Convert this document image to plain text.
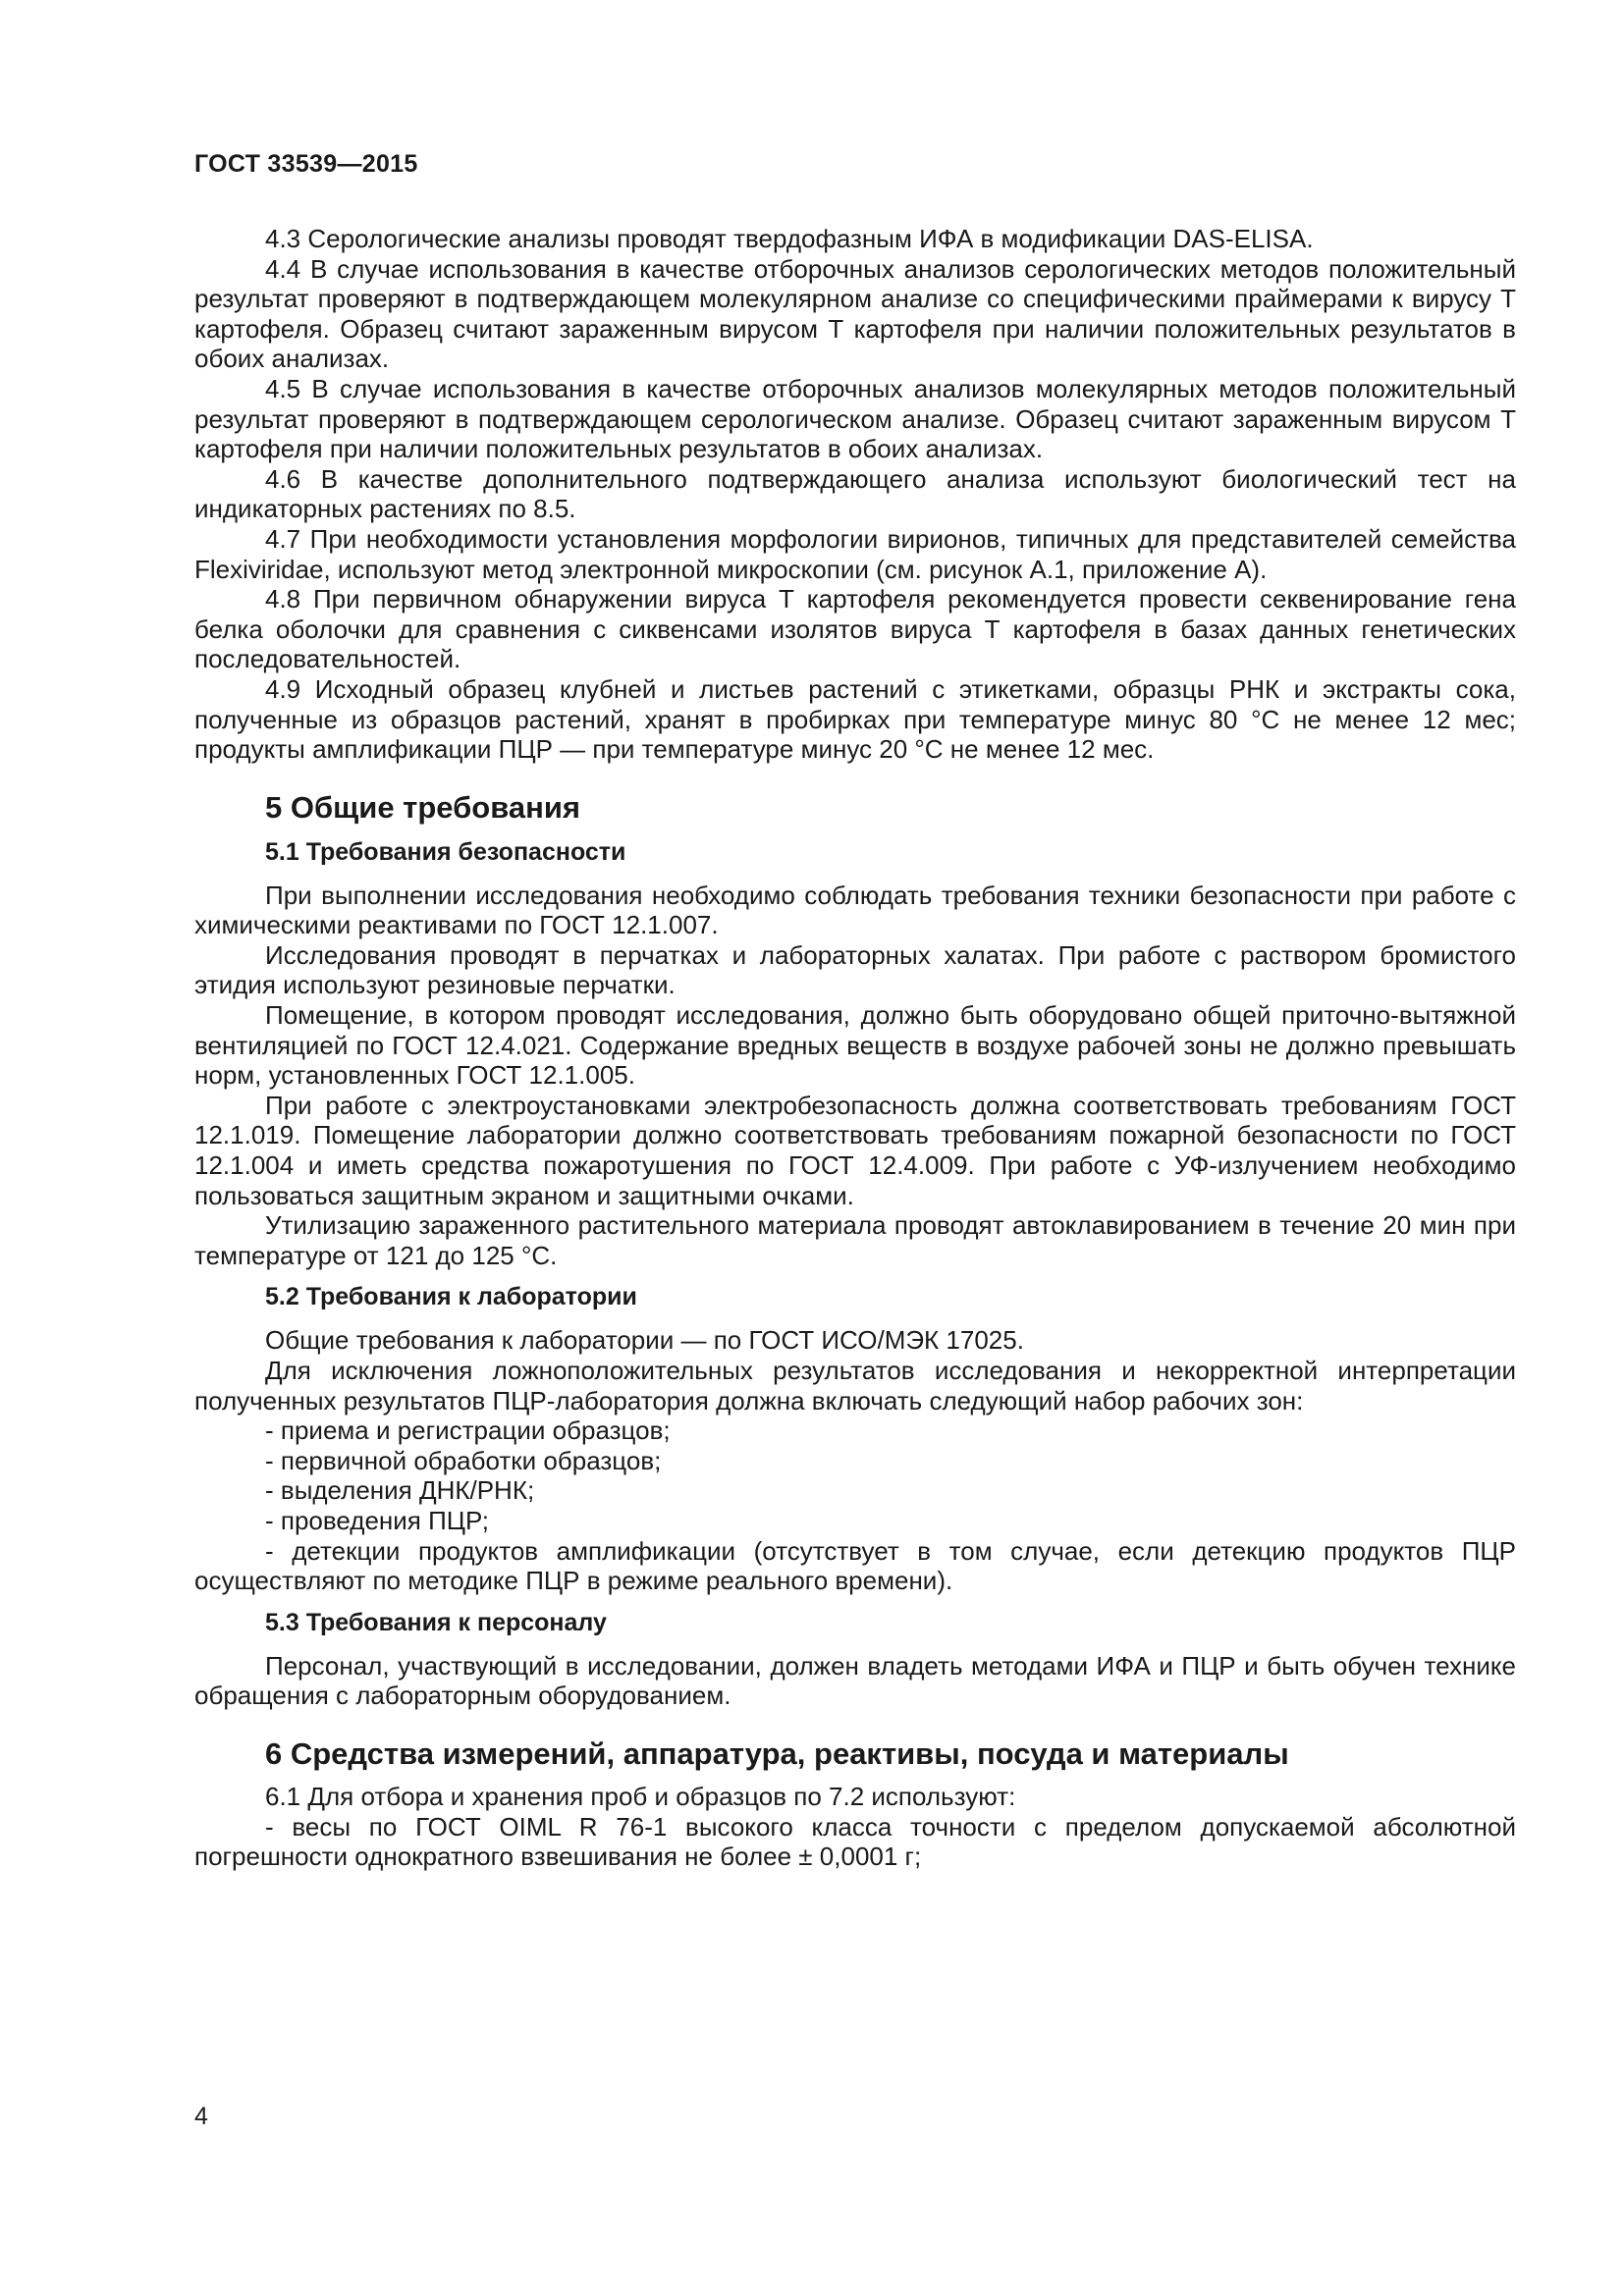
ГОСТ 33539—2015

4.3 Серологические анализы проводят твердофазным ИФА в модификации DAS-ELISA.

4.4 В случае использования в качестве отборочных анализов серологических методов положительный результат проверяют в подтверждающем молекулярном анализе со специфическими праймерами к вирусу Т картофеля. Образец считают зараженным вирусом Т картофеля при наличии положительных результатов в обоих анализах.

4.5 В случае использования в качестве отборочных анализов молекулярных методов положительный результат проверяют в подтверждающем серологическом анализе. Образец считают зараженным вирусом Т картофеля при наличии положительных результатов в обоих анализах.

4.6 В качестве дополнительного подтверждающего анализа используют биологический тест на индикаторных растениях по 8.5.

4.7 При необходимости установления морфологии вирионов, типичных для представителей семейства Flexiviridae, используют метод электронной микроскопии (см. рисунок А.1, приложение А).

4.8 При первичном обнаружении вируса Т картофеля рекомендуется провести секвенирование гена белка оболочки для сравнения с сиквенсами изолятов вируса Т картофеля в базах данных генетических последовательностей.

4.9 Исходный образец клубней и листьев растений с этикетками, образцы РНК и экстракты сока, полученные из образцов растений, хранят в пробирках при температуре минус 80 °С не менее 12 мес; продукты амплификации ПЦР — при температуре минус 20 °С не менее 12 мес.

5 Общие требования
5.1 Требования безопасности

При выполнении исследования необходимо соблюдать требования техники безопасности при работе с химическими реактивами по ГОСТ 12.1.007.

Исследования проводят в перчатках и лабораторных халатах. При работе с раствором бромистого этидия используют резиновые перчатки.

Помещение, в котором проводят исследования, должно быть оборудовано общей приточно-вытяжной вентиляцией по ГОСТ 12.4.021. Содержание вредных веществ в воздухе рабочей зоны не должно превышать норм, установленных ГОСТ 12.1.005.

При работе с электроустановками электробезопасность должна соответствовать требованиям ГОСТ 12.1.019. Помещение лаборатории должно соответствовать требованиям пожарной безопасности по ГОСТ 12.1.004 и иметь средства пожаротушения по ГОСТ 12.4.009. При работе с УФ-излучением необходимо пользоваться защитным экраном и защитными очками.

Утилизацию зараженного растительного материала проводят автоклавированием в течение 20 мин при температуре от 121 до 125 °С.

5.2 Требования к лаборатории

Общие требования к лаборатории — по ГОСТ ИСО/МЭК 17025.

Для исключения ложноположительных результатов исследования и некорректной интерпретации полученных результатов ПЦР-лаборатория должна включать следующий набор рабочих зон:

- приема и регистрации образцов;

- первичной обработки образцов;

- выделения ДНК/РНК;

- проведения ПЦР;

- детекции продуктов амплификации (отсутствует в том случае, если детекцию продуктов ПЦР осуществляют по методике ПЦР в режиме реального времени).

5.3 Требования к персоналу

Персонал, участвующий в исследовании, должен владеть методами ИФА и ПЦР и быть обучен технике обращения с лабораторным оборудованием.

6 Средства измерений, аппаратура, реактивы, посуда и материалы

6.1 Для отбора и хранения проб и образцов по 7.2 используют:

- весы по ГОСТ OIML R 76-1 высокого класса точности с пределом допускаемой абсолютной погрешности однократного взвешивания не более ± 0,0001 г;

4
